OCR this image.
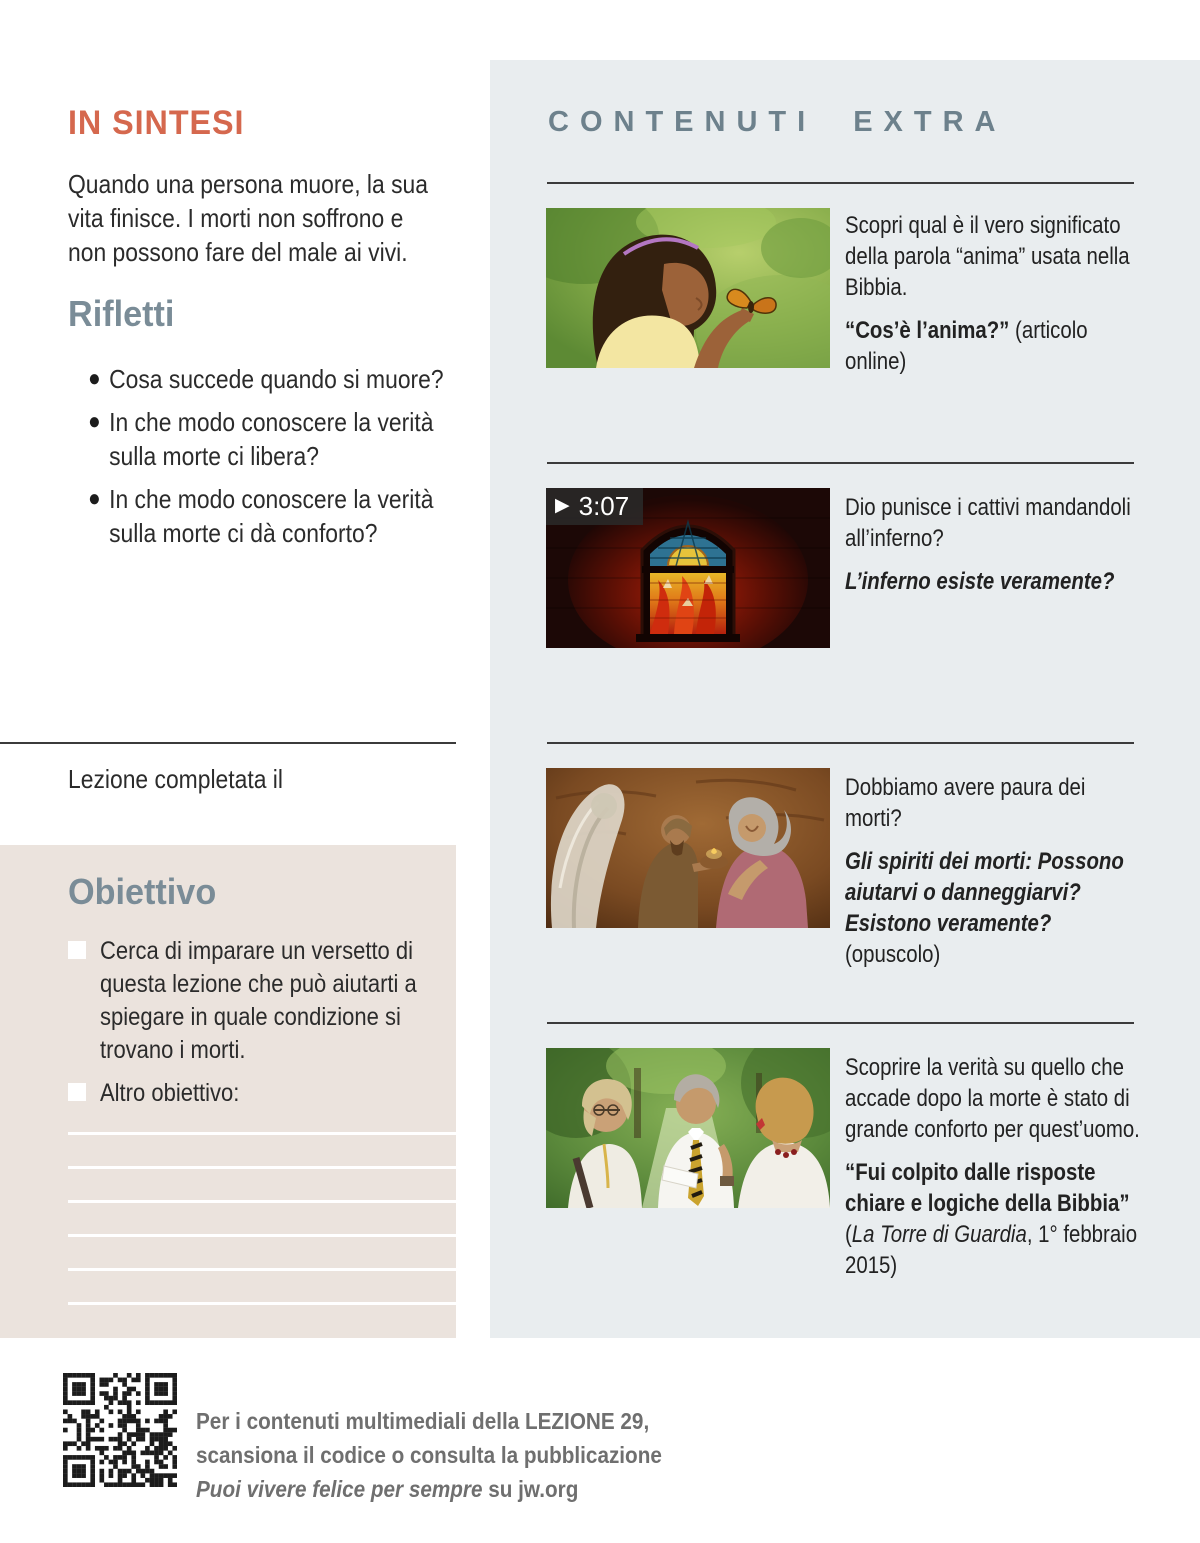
IN SINTESI
Quando una persona muore, la sua vita finisce. I morti non soffrono e non possono fare del male ai vivi.
Rifletti
● Cosa succede quando si muore?
● In che modo conoscere la verità sulla morte ci libera?
● In che modo conoscere la verità sulla morte ci dà conforto?
Lezione completata il
Obiettivo
Cerca di imparare un versetto di questa lezione che può aiutarti a spiegare in quale condizione si trovano i morti.
Altro obiettivo:
CONTENUTI EXTRA

Scopri qual è il vero significato della parola “anima” usata nella Bibbia.

“Cos’è l’anima?” (articolo online)

▶ 3:07	Dio punisce i cattivi mandandoli all’inferno?

L’inferno esiste veramente?

Dobbiamo avere paura dei morti?

Gli spiriti dei morti: Possono aiutarvi o danneggiarvi? Esistono veramente?
(opuscolo)

Scoprire la verità su quello che accade dopo la morte è stato di grande conforto per quest’uomo.

“Fui colpito dalle risposte chiare e logiche della Bibbia”
(La Torre di Guardia, 1° febbraio 2015)

Per i contenuti multimediali della LEZIONE 29,
scansiona il codice o consulta la pubblicazione
Puoi vivere felice per sempre su jw.org
